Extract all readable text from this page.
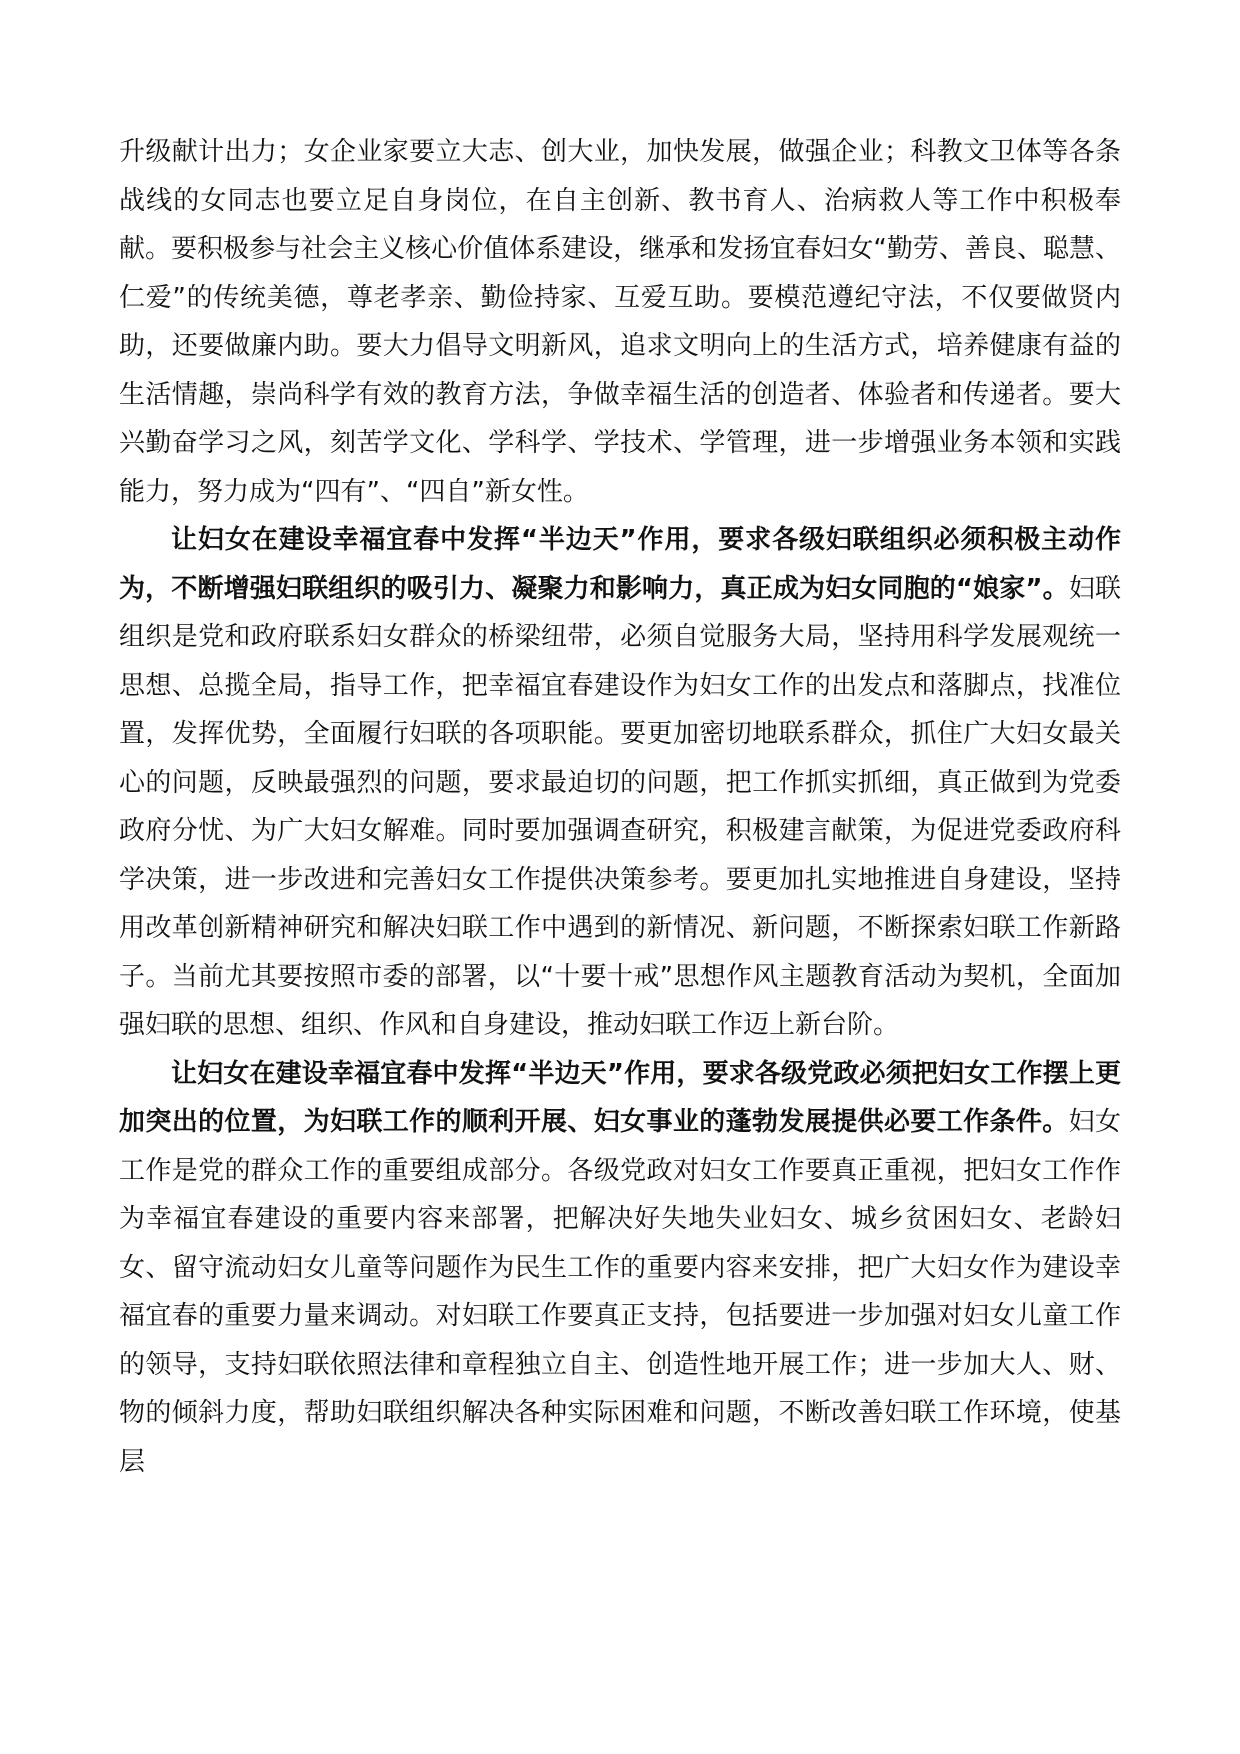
升级献计出力；女企业家要立大志、创大业，加快发展，做强企业；科教文卫体等各条战线的女同志也要立足自身岗位，在自主创新、教书育人、治病救人等工作中积极奉献。要积极参与社会主义核心价值体系建设，继承和发扬宜春妇女“勤劳、善良、聪慧、仁爱”的传统美德，尊老孝亲、勤俭持家、互爱互助。要模范遵纪守法，不仅要做贤内助，还要做廉内助。要大力倡导文明新风，追求文明向上的生活方式，培养健康有益的生活情趣，崇尚科学有效的教育方法，争做幸福生活的创造者、体验者和传递者。要大兴勤奋学习之风，刻苦学文化、学科学、学技术、学管理，进一步增强业务本领和实践能力，努力成为“四有”、“四自”新女性。

让妇女在建设幸福宜春中发挥“半边天”作用，要求各级妇联组织必须积极主动作为，不断增强妇联组织的吸引力、凝聚力和影响力，真正成为妇女同胞的“娘家”。妇联组织是党和政府联系妇女群众的桥梁纽带，必须自觉服务大局，坚持用科学发展观统一思想、总揽全局，指导工作，把幸福宜春建设作为妇女工作的出发点和落脚点，找准位置，发挥优势，全面履行妇联的各项职能。要更加密切地联系群众，抓住广大妇女最关心的问题，反映最强烈的问题，要求最迫切的问题，把工作抓实抓细，真正做到为党委政府分忧、为广大妇女解难。同时要加强调查研究，积极建言献策，为促进党委政府科学决策，进一步改进和完善妇女工作提供决策参考。要更加扎实地推进自身建设，坚持用改革创新精神研究和解决妇联工作中遇到的新情况、新问题，不断探索妇联工作新路子。当前尤其要按照市委的部署，以“十要十戒”思想作风主题教育活动为契机，全面加强妇联的思想、组织、作风和自身建设，推动妇联工作迈上新台阶。

让妇女在建设幸福宜春中发挥“半边天”作用，要求各级党政必须把妇女工作摆上更加突出的位置，为妇联工作的顺利开展、妇女事业的蓬勃发展提供必要工作条件。妇女工作是党的群众工作的重要组成部分。各级党政对妇女工作要真正重视，把妇女工作作为幸福宜春建设的重要内容来部署，把解决好失地失业妇女、城乡贫困妇女、老龄妇女、留守流动妇女儿童等问题作为民生工作的重要内容来安排，把广大妇女作为建设幸福宜春的重要力量来调动。对妇联工作要真正支持，包括要进一步加强对妇女儿童工作的领导，支持妇联依照法律和章程独立自主、创造性地开展工作；进一步加大人、财、物的倾斜力度，帮助妇联组织解决各种实际困难和问题，不断改善妇联工作环境，使基层
